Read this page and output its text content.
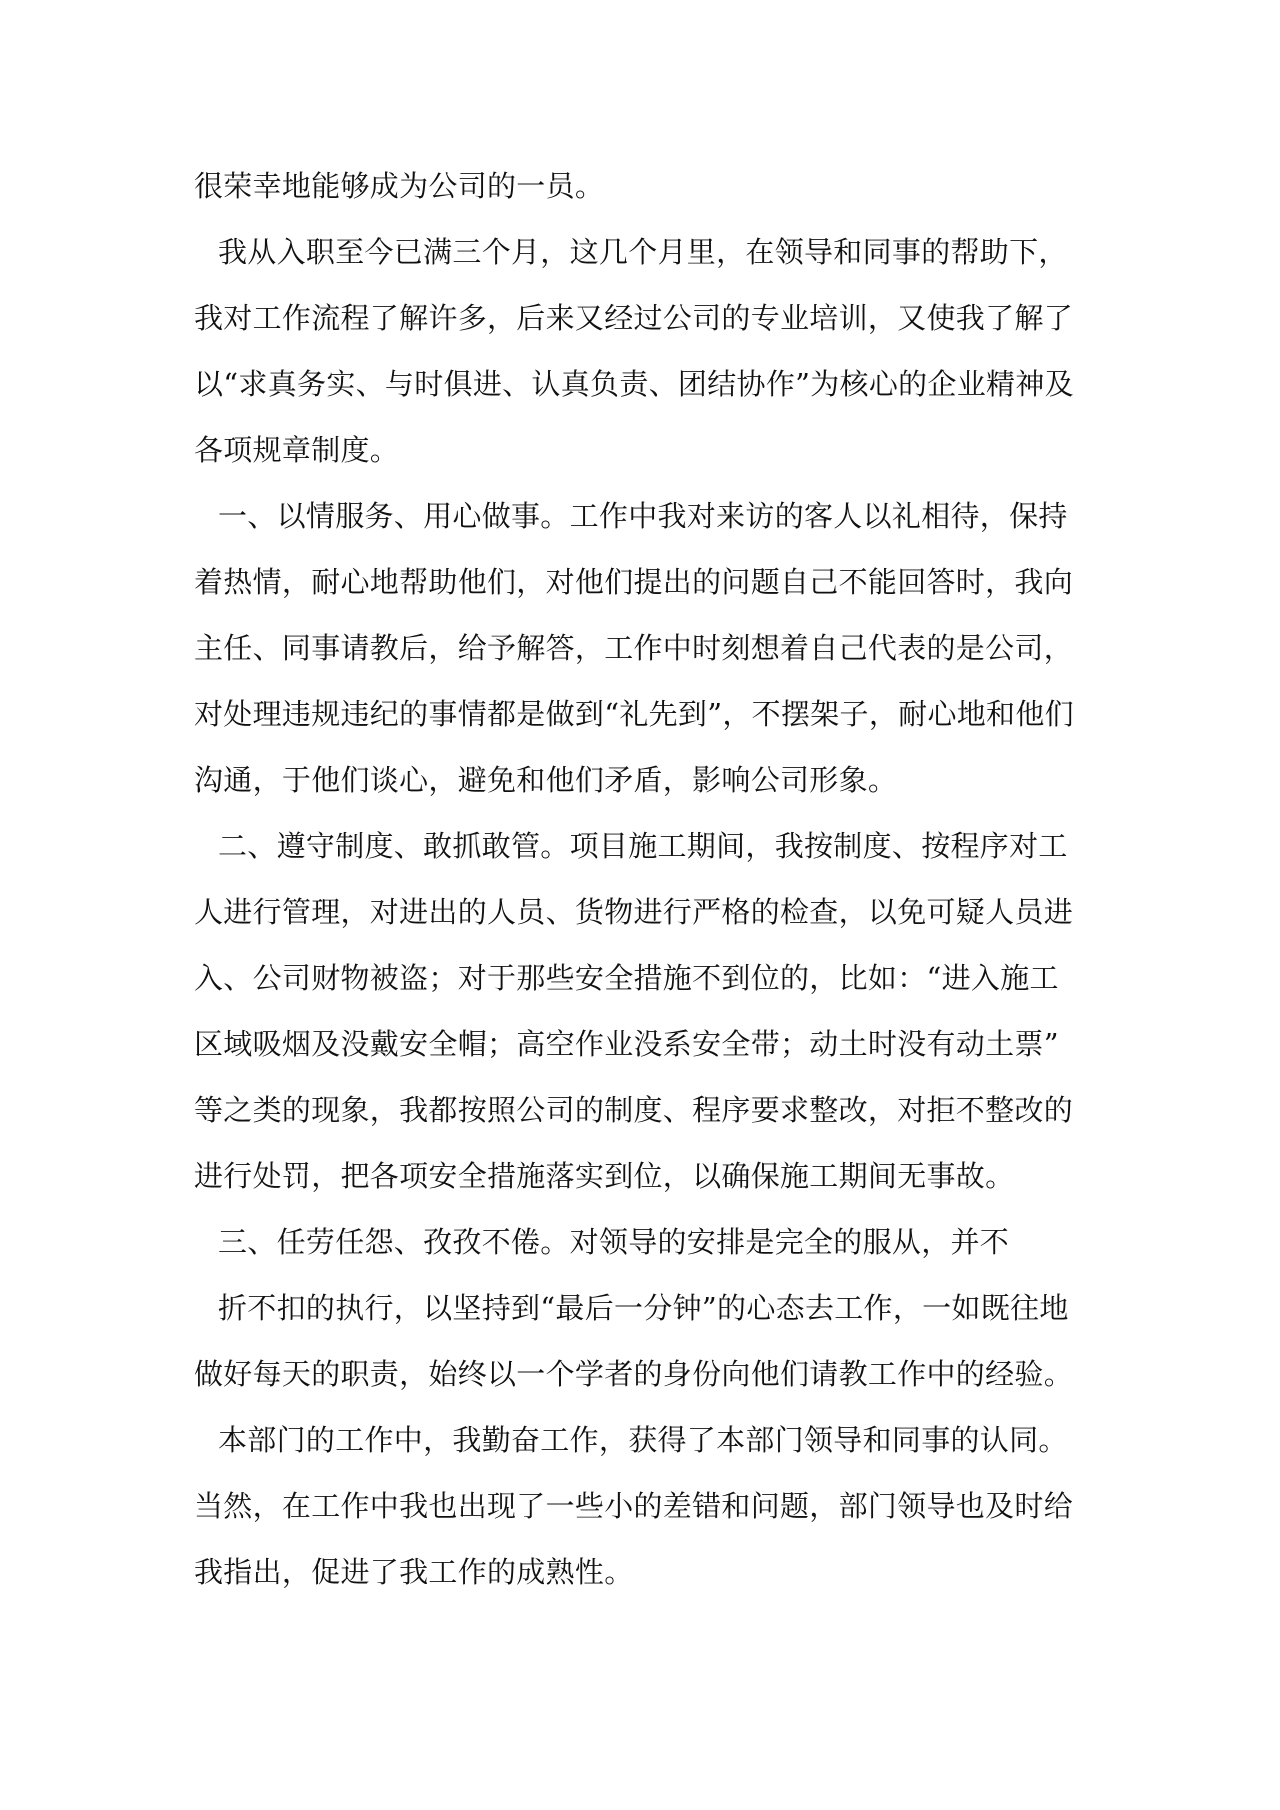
很荣幸地能够成为公司的一员。
我从入职至今已满三个月，这几个月里，在领导和同事的帮助下，
我对工作流程了解许多，后来又经过公司的专业培训，又使我了解了
以“求真务实、与时俱进、认真负责、团结协作”为核心的企业精神及
各项规章制度。
一、以情服务、用心做事。工作中我对来访的客人以礼相待，保持
着热情，耐心地帮助他们，对他们提出的问题自己不能回答时，我向
主任、同事请教后，给予解答，工作中时刻想着自己代表的是公司，
对处理违规违纪的事情都是做到“礼先到”，不摆架子，耐心地和他们
沟通，于他们谈心，避免和他们矛盾，影响公司形象。
二、遵守制度、敢抓敢管。项目施工期间，我按制度、按程序对工
人进行管理，对进出的人员、货物进行严格的检查，以免可疑人员进
入、公司财物被盗；对于那些安全措施不到位的，比如：“进入施工
区域吸烟及没戴安全帽；高空作业没系安全带；动土时没有动土票”
等之类的现象，我都按照公司的制度、程序要求整改，对拒不整改的
进行处罚，把各项安全措施落实到位，以确保施工期间无事故。
三、任劳任怨、孜孜不倦。对领导的安排是完全的服从，并不
折不扣的执行，以坚持到“最后一分钟”的心态去工作，一如既往地
做好每天的职责，始终以一个学者的身份向他们请教工作中的经验。
本部门的工作中，我勤奋工作，获得了本部门领导和同事的认同。
当然，在工作中我也出现了一些小的差错和问题，部门领导也及时给
我指出，促进了我工作的成熟性。
